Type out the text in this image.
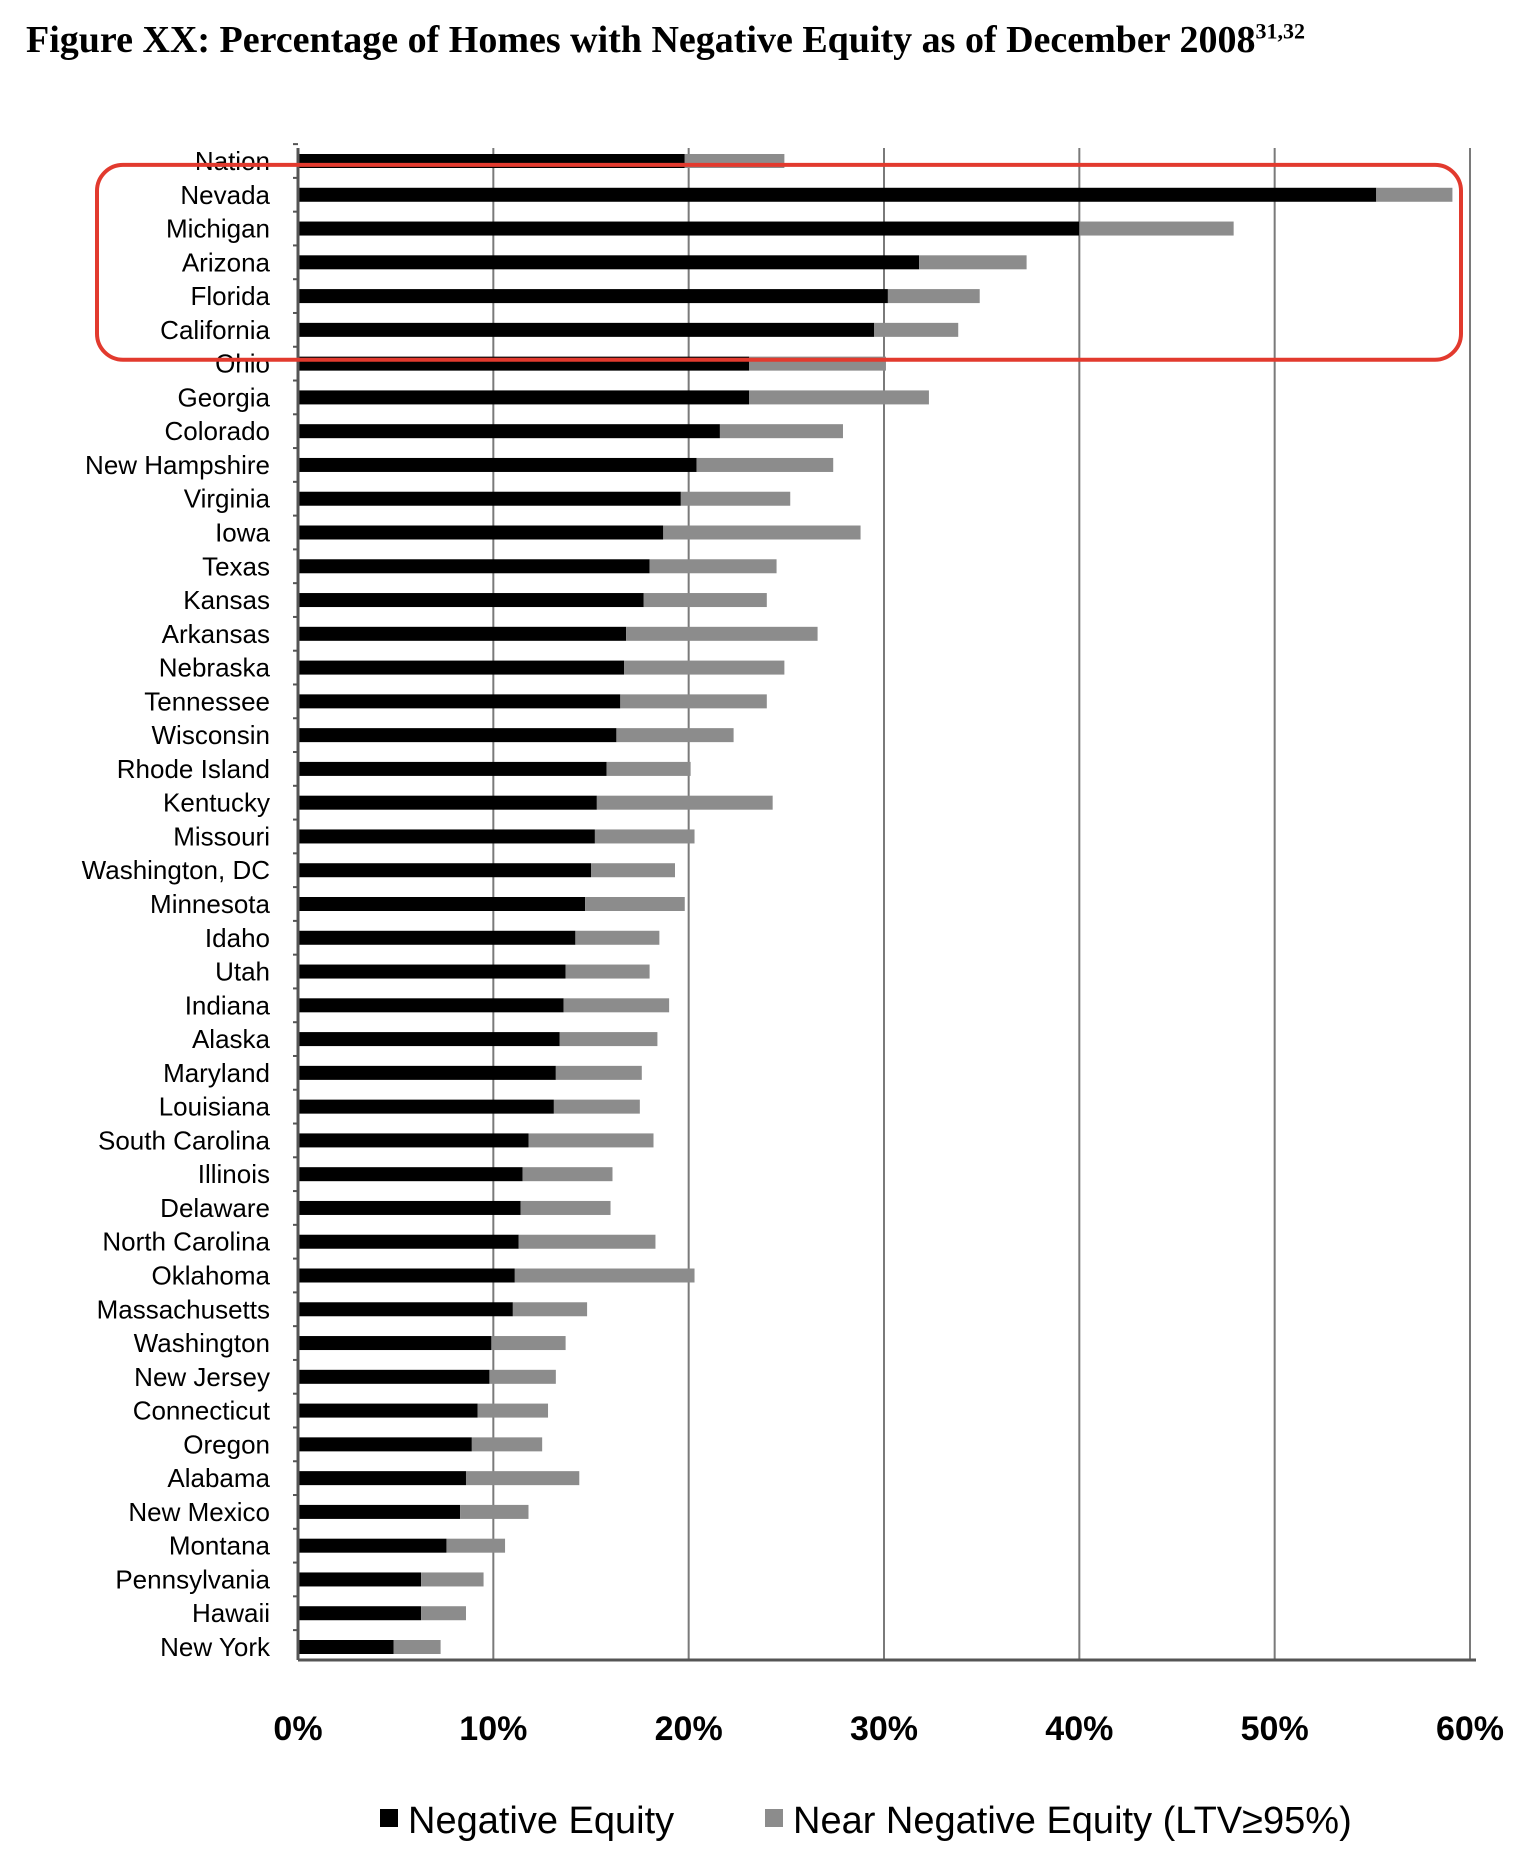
Figure XX: Percentage of Homes with Negative Equity as of December 2008$^{31,32}$
Nation
Nevada
Michigan
Arizona
Florida
California
Ohio
Georgia
Colorado
New Hampshire
Virginia
Iowa
Texas
Kansas
Arkansas
Nebraska
Tennessee
Wisconsin
Rhode Island
Kentucky
Missouri
Washington, DC
Minnesota
Idaho
Utah
Indiana
Alaska
Maryland
Louisiana
South Carolina
Illinois
Delaware
North Carolina
Oklahoma
Massachusetts
Washington
New Jersey
Connecticut
Oregon
Alabama
New Mexico
Montana
Pennsylvania
Hawaii
New York
0%	10%	20%	30%	40%	50%	60%
Negative Equity	Near Negative Equity (LTV≥95%)
